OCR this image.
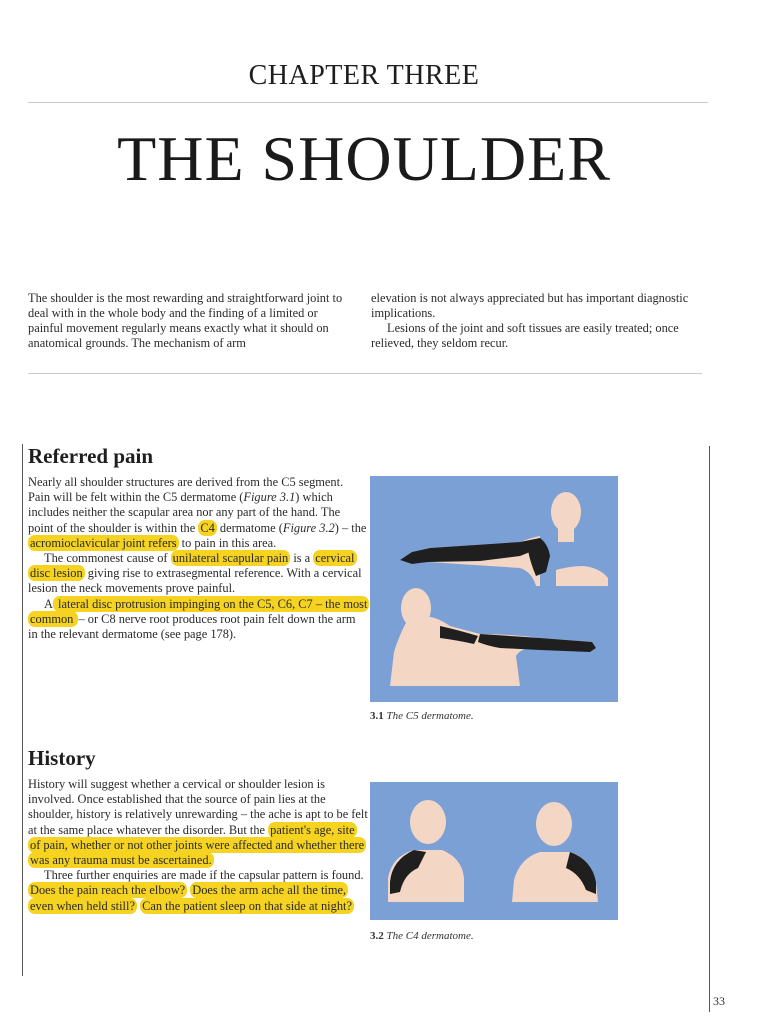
CHAPTER THREE
THE SHOULDER

The shoulder is the most rewarding and straightforward joint to deal with in the whole body and the finding of a limited or painful movement regularly means exactly what it should on anatomical grounds. The mechanism of arm

elevation is not always appreciated but has important diagnostic implications.

Lesions of the joint and soft tissues are easily treated; once relieved, they seldom recur.

Referred pain

Nearly all shoulder structures are derived from the C5 segment. Pain will be felt within the C5 dermatome (Figure 3.1) which includes neither the scapular area nor any part of the hand. The point of the shoulder is within the C4 dermatome (Figure 3.2) – the acromioclavicular joint refers to pain in this area.

The commonest cause of unilateral scapular pain is a cervical disc lesion giving rise to extrasegmental reference. With a cervical lesion the neck movements prove painful.

A lateral disc protrusion impinging on the C5, C6, C7 – the most common – or C8 nerve root produces root pain felt down the arm in the relevant dermatome (see page 178).

History

History will suggest whether a cervical or shoulder lesion is involved. Once established that the source of pain lies at the shoulder, history is relatively unrewarding – the ache is apt to be felt at the same place whatever the disorder. But the patient's age, site of pain, whether or not other joints were affected and whether there was any trauma must be ascertained.

Three further enquiries are made if the capsular pattern is found. Does the pain reach the elbow? Does the arm ache all the time, even when held still? Can the patient sleep on that side at night?

3.1 The C5 dermatome.
3.2 The C4 dermatome.
33
